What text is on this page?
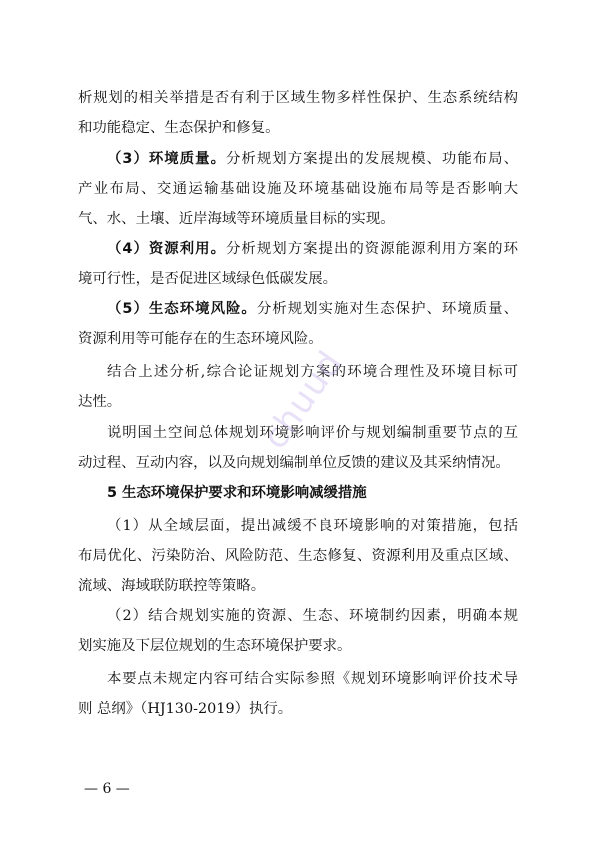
析规划的相关举措是否有利于区域生物多样性保护、生态系统结构
和功能稳定、生态保护和修复。
（3）环境质量。分析规划方案提出的发展规模、功能布局、
产业布局、交通运输基础设施及环境基础设施布局等是否影响大
气、水、土壤、近岸海域等环境质量目标的实现。
（4）资源利用。分析规划方案提出的资源能源利用方案的环
境可行性，是否促进区域绿色低碳发展。
（5）生态环境风险。分析规划实施对生态保护、环境质量、
资源利用等可能存在的生态环境风险。
结合上述分析,综合论证规划方案的环境合理性及环境目标可
达性。
说明国土空间总体规划环境影响评价与规划编制重要节点的互
动过程、互动内容，以及向规划编制单位反馈的建议及其采纳情况。
5 生态环境保护要求和环境影响减缓措施
（1）从全域层面，提出减缓不良环境影响的对策措施，包括
布局优化、污染防治、风险防范、生态修复、资源利用及重点区域、
流域、海域联防联控等策略。
（2）结合规划实施的资源、生态、环境制约因素，明确本规
划实施及下层位规划的生态环境保护要求。
本要点未规定内容可结合实际参照《规划环境影响评价技术导
则 总纲》（HJ130-2019）执行。
chuud
— 6 —
